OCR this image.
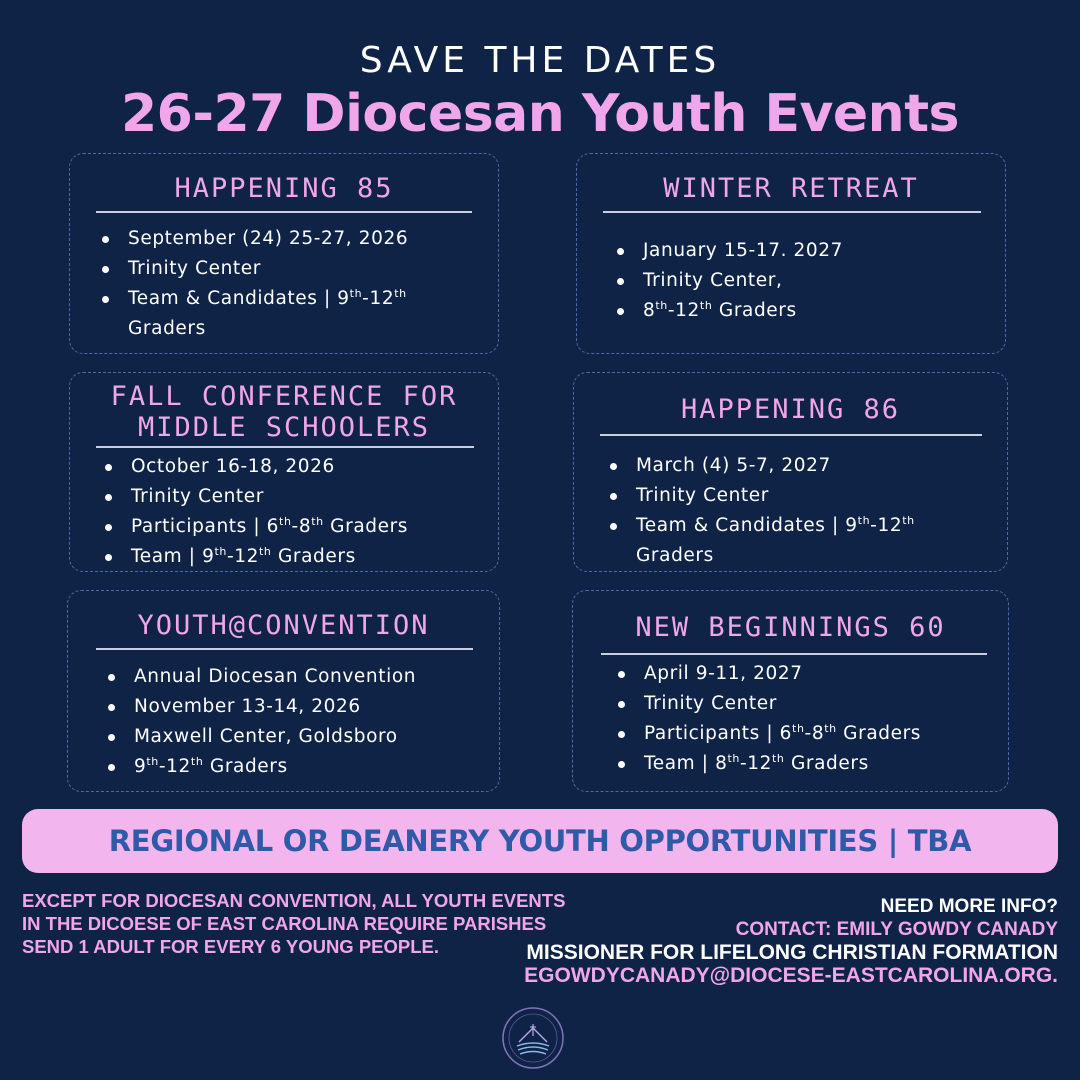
SAVE THE DATES
26-27 Diocesan Youth Events
HAPPENING 85
September (24) 25-27, 2026
Trinity Center
Team & Candidates | 9th-12th
Graders
WINTER RETREAT
January 15-17. 2027
Trinity Center,
8th-12th Graders
FALL CONFERENCE FOR
MIDDLE SCHOOLERS
October 16-18, 2026
Trinity Center
Participants | 6th-8th Graders
Team | 9th-12th Graders
HAPPENING 86
March (4) 5-7, 2027
Trinity Center
Team & Candidates | 9th-12th
Graders
YOUTH@CONVENTION
Annual Diocesan Convention
November 13-14, 2026
Maxwell Center, Goldsboro
9th-12th Graders
NEW BEGINNINGS 60
April 9-11, 2027
Trinity Center
Participants | 6th-8th Graders
Team | 8th-12th Graders
REGIONAL OR DEANERY YOUTH OPPORTUNITIES | TBA
EXCEPT FOR DIOCESAN CONVENTION, ALL YOUTH EVENTS
IN THE DICOESE OF EAST CAROLINA REQUIRE PARISHES
SEND 1 ADULT FOR EVERY 6 YOUNG PEOPLE.
NEED MORE INFO?
CONTACT: EMILY GOWDY CANADY
MISSIONER FOR LIFELONG CHRISTIAN FORMATION
EGOWDYCANADY@DIOCESE-EASTCAROLINA.ORG.
